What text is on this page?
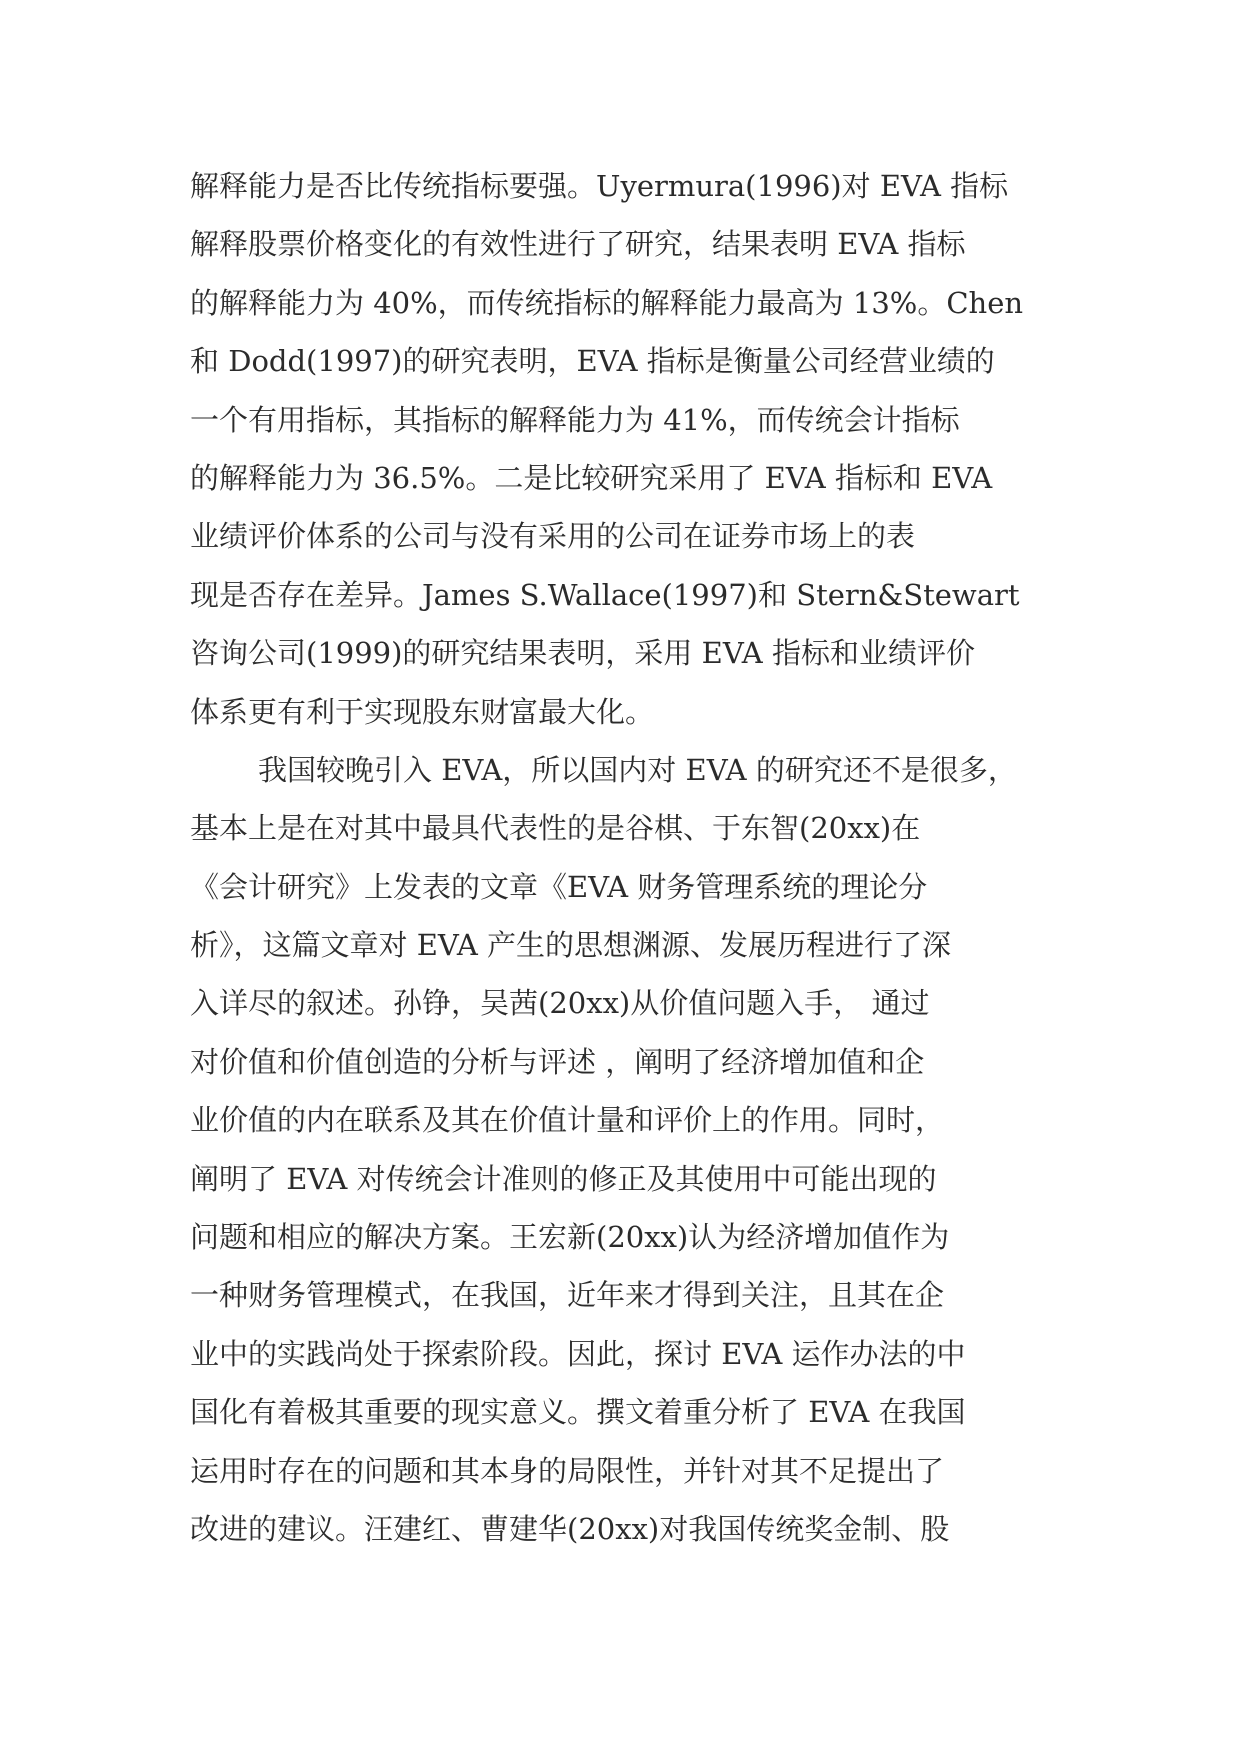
解释能力是否比传统指标要强。Uyermura(1996)对 EVA 指标
解释股票价格变化的有效性进行了研究，结果表明 EVA 指标
的解释能力为 40%，而传统指标的解释能力最高为 13%。Chen
和 Dodd(1997)的研究表明，EVA 指标是衡量公司经营业绩的
一个有用指标，其指标的解释能力为 41%，而传统会计指标
的解释能力为 36.5%。二是比较研究采用了 EVA 指标和 EVA
业绩评价体系的公司与没有采用的公司在证券市场上的表
现是否存在差异。James S.Wallace(1997)和 Stern&Stewart
咨询公司(1999)的研究结果表明，采用 EVA 指标和业绩评价
体系更有利于实现股东财富最大化。
我国较晚引入 EVA，所以国内对 EVA 的研究还不是很多，
基本上是在对其中最具代表性的是谷棋、于东智(20xx)在
《会计研究》上发表的文章《EVA 财务管理系统的理论分
析》，这篇文章对 EVA 产生的思想渊源、发展历程进行了深
入详尽的叙述。孙铮，吴茜(20xx)从价值问题入手， 通过
对价值和价值创造的分析与评述 ，阐明了经济增加值和企
业价值的内在联系及其在价值计量和评价上的作用。同时，
阐明了 EVA 对传统会计准则的修正及其使用中可能出现的
问题和相应的解决方案。王宏新(20xx)认为经济增加值作为
一种财务管理模式，在我国，近年来才得到关注，且其在企
业中的实践尚处于探索阶段。因此，探讨 EVA 运作办法的中
国化有着极其重要的现实意义。撰文着重分析了 EVA 在我国
运用时存在的问题和其本身的局限性，并针对其不足提出了
改进的建议。汪建红、曹建华(20xx)对我国传统奖金制、股
